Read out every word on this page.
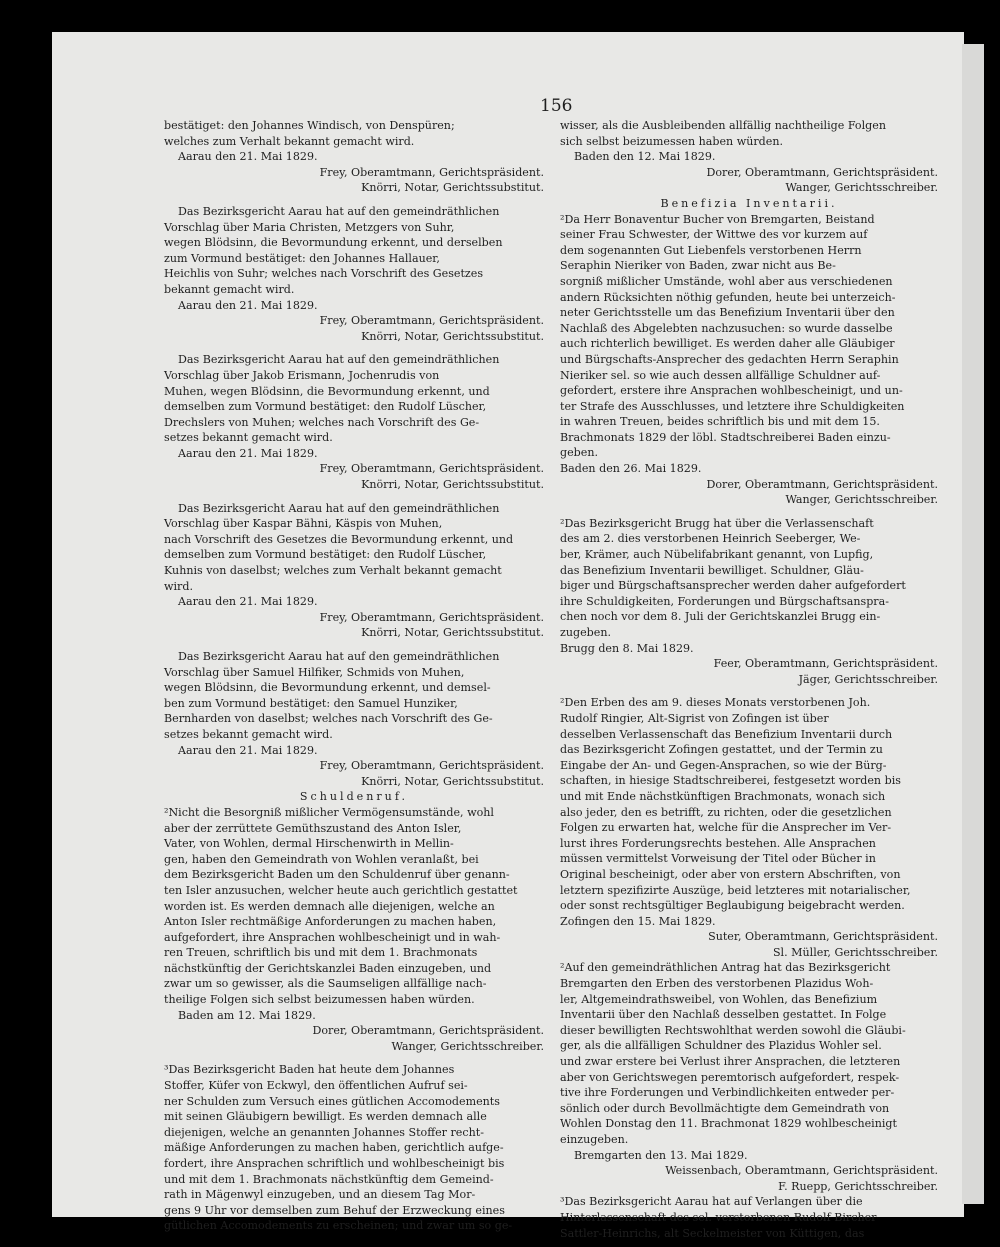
156

bestätiget: den Johannes Windisch, von Denspüren;

welches zum Verhalt bekannt gemacht wird.

Aarau den 21. Mai 1829.

Frey, Oberamtmann, Gerichtspräsident.

Knörri, Notar, Gerichtssubstitut.

Das Bezirksgericht Aarau hat auf den gemeindräthlichen

Vorschlag über Maria Christen, Metzgers von Suhr,

wegen Blödsinn, die Bevormundung erkennt, und derselben

zum Vormund bestätiget: den Johannes Hallauer,

Heichlis von Suhr; welches nach Vorschrift des Gesetzes

bekannt gemacht wird.

Aarau den 21. Mai 1829.

Frey, Oberamtmann, Gerichtspräsident.

Knörri, Notar, Gerichtssubstitut.

Das Bezirksgericht Aarau hat auf den gemeindräthlichen

Vorschlag über Jakob Erismann, Jochenrudis von

Muhen, wegen Blödsinn, die Bevormundung erkennt, und

demselben zum Vormund bestätiget: den Rudolf Lüscher,

Drechslers von Muhen; welches nach Vorschrift des Ge-

setzes bekannt gemacht wird.

Aarau den 21. Mai 1829.

Frey, Oberamtmann, Gerichtspräsident.

Knörri, Notar, Gerichtssubstitut.

Das Bezirksgericht Aarau hat auf den gemeindräthlichen

Vorschlag über Kaspar Bähni, Käspis von Muhen,

nach Vorschrift des Gesetzes die Bevormundung erkennt, und

demselben zum Vormund bestätiget: den Rudolf Lüscher,

Kuhnis von daselbst; welches zum Verhalt bekannt gemacht

wird.

Aarau den 21. Mai 1829.

Frey, Oberamtmann, Gerichtspräsident.

Knörri, Notar, Gerichtssubstitut.

Das Bezirksgericht Aarau hat auf den gemeindräthlichen

Vorschlag über Samuel Hilfiker, Schmids von Muhen,

wegen Blödsinn, die Bevormundung erkennt, und demsel-

ben zum Vormund bestätiget: den Samuel Hunziker,

Bernharden von daselbst; welches nach Vorschrift des Ge-

setzes bekannt gemacht wird.

Aarau den 21. Mai 1829.

Frey, Oberamtmann, Gerichtspräsident.

Knörri, Notar, Gerichtssubstitut.

Schuldenruf.

²Nicht die Besorgniß mißlicher Vermögensumstände, wohl

aber der zerrüttete Gemüthszustand des Anton Isler,

Vater, von Wohlen, dermal Hirschenwirth in Mellin-

gen, haben den Gemeindrath von Wohlen veranlaßt, bei

dem Bezirksgericht Baden um den Schuldenruf über genann-

ten Isler anzusuchen, welcher heute auch gerichtlich gestattet

worden ist. Es werden demnach alle diejenigen, welche an

Anton Isler rechtmäßige Anforderungen zu machen haben,

aufgefordert, ihre Ansprachen wohlbescheinigt und in wah-

ren Treuen, schriftlich bis und mit dem 1. Brachmonats

nächstkünftig der Gerichtskanzlei Baden einzugeben, und

zwar um so gewisser, als die Saumseligen allfällige nach-

theilige Folgen sich selbst beizumessen haben würden.

Baden am 12. Mai 1829.

Dorer, Oberamtmann, Gerichtspräsident.

Wanger, Gerichtsschreiber.

³Das Bezirksgericht Baden hat heute dem Johannes

Stoffer, Küfer von Eckwyl, den öffentlichen Aufruf sei-

ner Schulden zum Versuch eines gütlichen Accomodements

mit seinen Gläubigern bewilligt. Es werden demnach alle

diejenigen, welche an genannten Johannes Stoffer recht-

mäßige Anforderungen zu machen haben, gerichtlich aufge-

fordert, ihre Ansprachen schriftlich und wohlbescheinigt bis

und mit dem 1. Brachmonats nächstkünftig dem Gemeind-

rath in Mägenwyl einzugeben, und an diesem Tag Mor-

gens 9 Uhr vor demselben zum Behuf der Erzweckung eines

gütlichen Accomodements zu erscheinen; und zwar um so ge-

wisser, als die Ausbleibenden allfällig nachtheilige Folgen

sich selbst beizumessen haben würden.

Baden den 12. Mai 1829.

Dorer, Oberamtmann, Gerichtspräsident.

Wanger, Gerichtsschreiber.

Benefizia Inventarii.

²Da Herr Bonaventur Bucher von Bremgarten, Beistand

seiner Frau Schwester, der Wittwe des vor kurzem auf

dem sogenannten Gut Liebenfels verstorbenen Herrn

Seraphin Nieriker von Baden, zwar nicht aus Be-

sorgniß mißlicher Umstände, wohl aber aus verschiedenen

andern Rücksichten nöthig gefunden, heute bei unterzeich-

neter Gerichtsstelle um das Benefizium Inventarii über den

Nachlaß des Abgelebten nachzusuchen: so wurde dasselbe

auch richterlich bewilliget. Es werden daher alle Gläubiger

und Bürgschafts-Ansprecher des gedachten Herrn Seraphin

Nieriker sel. so wie auch dessen allfällige Schuldner auf-

gefordert, erstere ihre Ansprachen wohlbescheinigt, und un-

ter Strafe des Ausschlusses, und letztere ihre Schuldigkeiten

in wahren Treuen, beides schriftlich bis und mit dem 15.

Brachmonats 1829 der löbl. Stadtschreiberei Baden einzu-

geben.

Baden den 26. Mai 1829.

Dorer, Oberamtmann, Gerichtspräsident.

Wanger, Gerichtsschreiber.

²Das Bezirksgericht Brugg hat über die Verlassenschaft

des am 2. dies verstorbenen Heinrich Seeberger, We-

ber, Krämer, auch Nübelifabrikant genannt, von Lupfig,

das Benefizium Inventarii bewilliget. Schuldner, Gläu-

biger und Bürgschaftsansprecher werden daher aufgefordert

ihre Schuldigkeiten, Forderungen und Bürgschaftsanspra-

chen noch vor dem 8. Juli der Gerichtskanzlei Brugg ein-

zugeben.

Brugg den 8. Mai 1829.

Feer, Oberamtmann, Gerichtspräsident.

Jäger, Gerichtsschreiber.

²Den Erben des am 9. dieses Monats verstorbenen Joh.

Rudolf Ringier, Alt-Sigrist von Zofingen ist über

desselben Verlassenschaft das Benefizium Inventarii durch

das Bezirksgericht Zofingen gestattet, und der Termin zu

Eingabe der An- und Gegen-Ansprachen, so wie der Bürg-

schaften, in hiesige Stadtschreiberei, festgesetzt worden bis

und mit Ende nächstkünftigen Brachmonats, wonach sich

also jeder, den es betrifft, zu richten, oder die gesetzlichen

Folgen zu erwarten hat, welche für die Ansprecher im Ver-

lurst ihres Forderungsrechts bestehen. Alle Ansprachen

müssen vermittelst Vorweisung der Titel oder Bücher in

Original bescheinigt, oder aber von erstern Abschriften, von

letztern spezifizirte Auszüge, beid letzteres mit notarialischer,

oder sonst rechtsgültiger Beglaubigung beigebracht werden.

Zofingen den 15. Mai 1829.

Suter, Oberamtmann, Gerichtspräsident.

Sl. Müller, Gerichtsschreiber.

²Auf den gemeindräthlichen Antrag hat das Bezirksgericht

Bremgarten den Erben des verstorbenen Plazidus Woh-

ler, Altgemeindrathsweibel, von Wohlen, das Benefizium

Inventarii über den Nachlaß desselben gestattet. In Folge

dieser bewilligten Rechtswohlthat werden sowohl die Gläubi-

ger, als die allfälligen Schuldner des Plazidus Wohler sel.

und zwar erstere bei Verlust ihrer Ansprachen, die letzteren

aber von Gerichtswegen peremtorisch aufgefordert, respek-

tive ihre Forderungen und Verbindlichkeiten entweder per-

sönlich oder durch Bevollmächtigte dem Gemeindrath von

Wohlen Donstag den 11. Brachmonat 1829 wohlbescheinigt

einzugeben.

Bremgarten den 13. Mai 1829.

Weissenbach, Oberamtmann, Gerichtspräsident.

F. Ruepp, Gerichtsschreiber.

³Das Bezirksgericht Aarau hat auf Verlangen über die

Hinterlassenschaft des sel. verstorbenen Rudolf Bircher

Sattler-Heinrichs, alt Seckelmeister von Küttigen, das
